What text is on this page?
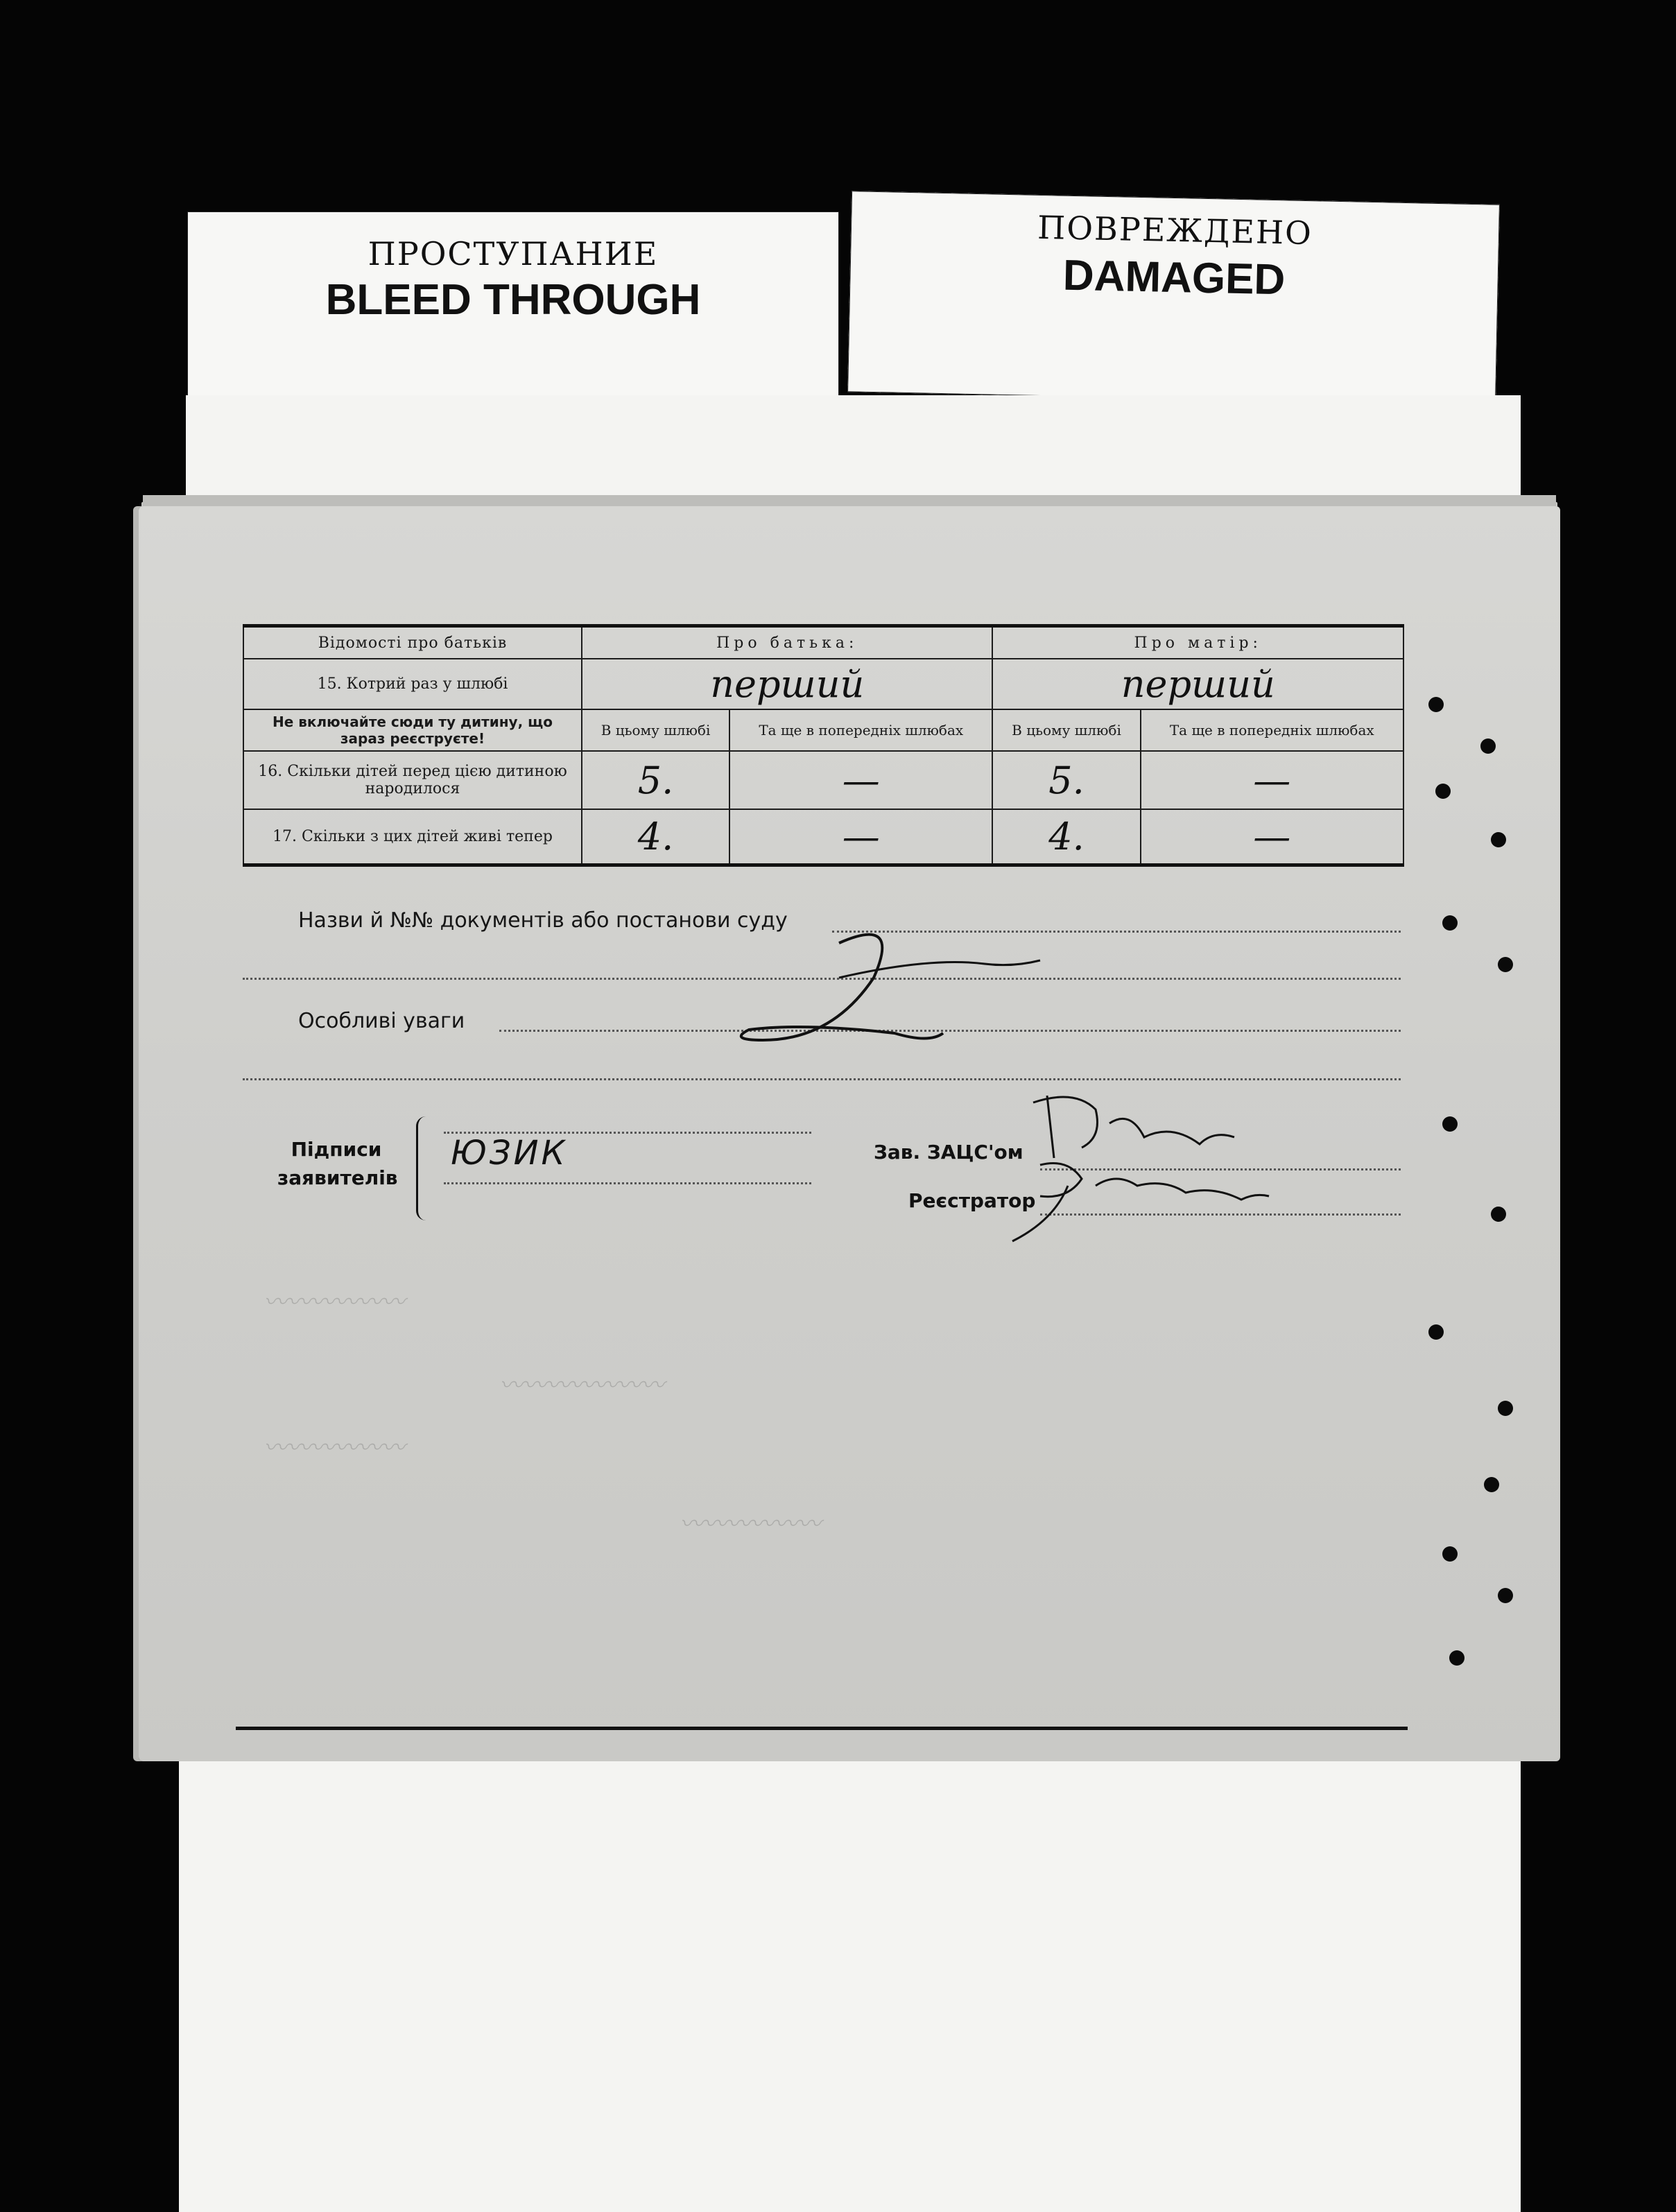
ПРОСТУПАНИЕ
BLEED THROUGH
ПОВРЕЖДЕНО
DAMAGED
〰〰〰〰〰〰
〰〰〰〰〰〰〰
〰〰〰〰〰〰
〰〰〰〰〰〰
Відомості про батьків	Про батька:		Про матір:	
15. Котрий раз у шлюбі	перший		перший	
Не включайте сюди ту дитину, що зараз реєструєте!	В цьому шлюбі	Та ще в попередніх шлюбах	В цьому шлюбі	Та ще в попередніх шлюбах
16. Скільки дітей перед цією дитиною народилося	5.	—	5.	—
17. Скільки з цих дітей живі тепер	4.	—	4.	—
Назви й №№ документів або постанови суду
Особливі уваги
Підписи
заявителів
ЮЗИК	Зав. ЗАЦС'ом
Реєстратор
